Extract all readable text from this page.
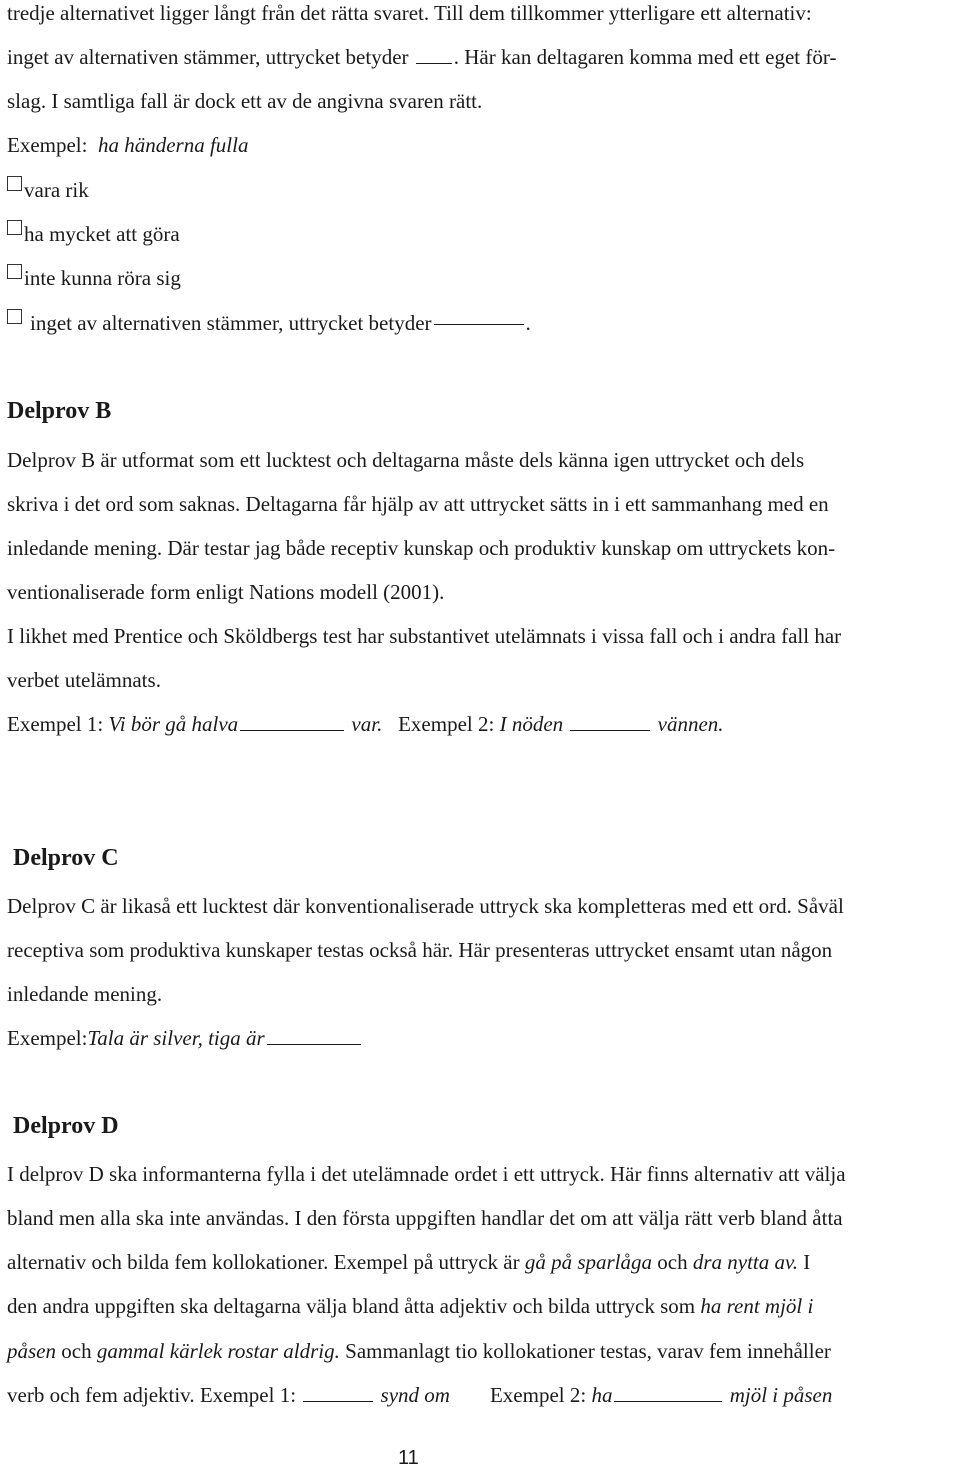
tredje alternativet ligger långt från det rätta svaret. Till dem tillkommer ytterligare ett alternativ:
inget av alternativen stämmer, uttrycket betyder . Här kan deltagaren komma med ett eget för-
slag. I samtliga fall är dock ett av de angivna svaren rätt.
Exempel: ha händerna fulla
vara rik
ha mycket att göra
inte kunna röra sig
inget av alternativen stämmer, uttrycket betyder	.
Delprov B
Delprov B är utformat som ett lucktest och deltagarna måste dels känna igen uttrycket och dels
skriva i det ord som saknas. Deltagarna får hjälp av att uttrycket sätts in i ett sammanhang med en
inledande mening. Där testar jag både receptiv kunskap och produktiv kunskap om uttryckets kon-
ventionaliserade form enligt Nations modell (2001).
I likhet med Prentice och Sköldbergs test har substantivet utelämnats i vissa fall och i andra fall har
verbet utelämnats.
Exempel 1: Vi bör gå halva	var. Exempel 2: I nöden	vännen.
Delprov C
Delprov C är likaså ett lucktest där konventionaliserade uttryck ska kompletteras med ett ord. Såväl
receptiva som produktiva kunskaper testas också här. Här presenteras uttrycket ensamt utan någon
inledande mening.
Exempel:Tala är silver, tiga är
Delprov D
I delprov D ska informanterna fylla i det utelämnade ordet i ett uttryck. Här finns alternativ att välja
bland men alla ska inte användas. I den första uppgiften handlar det om att välja rätt verb bland åtta
alternativ och bilda fem kollokationer. Exempel på uttryck är gå på sparlåga och dra nytta av. I
den andra uppgiften ska deltagarna välja bland åtta adjektiv och bilda uttryck som ha rent mjöl i
påsen och gammal kärlek rostar aldrig. Sammanlagt tio kollokationer testas, varav fem innehåller
verb och fem adjektiv. Exempel 1:	synd om Exempel 2: ha	mjöl i påsen
11
